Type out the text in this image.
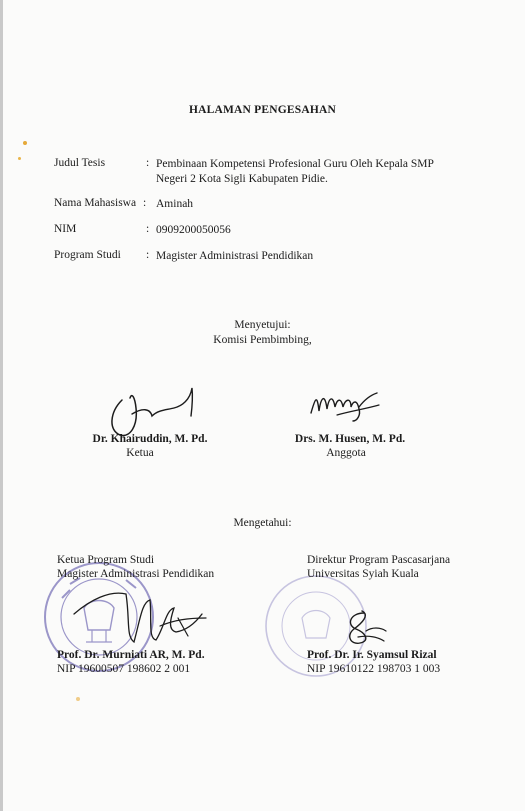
HALAMAN PENGESAHAN
Judul Tesis	: Pembinaan Kompetensi Profesional Guru Oleh Kepala SMP
Negeri 2 Kota Sigli Kabupaten Pidie.
Nama Mahasiswa : Aminah
NIM	: 0909200050056
Program Studi : Magister Administrasi Pendidikan
Menyetujui:
Komisi Pembimbing,
Dr. Khairuddin, M. Pd.
Ketua
Drs. M. Husen, M. Pd.
Anggota
Mengetahui:
Ketua Program Studi
Magister Administrasi Pendidikan
Prof. Dr. Murniati AR, M. Pd.
NIP 19600507 198602 2 001
Direktur Program Pascasarjana
Universitas Syiah Kuala
Prof. Dr. Ir. Syamsul Rizal
NIP 19610122 198703 1 003
